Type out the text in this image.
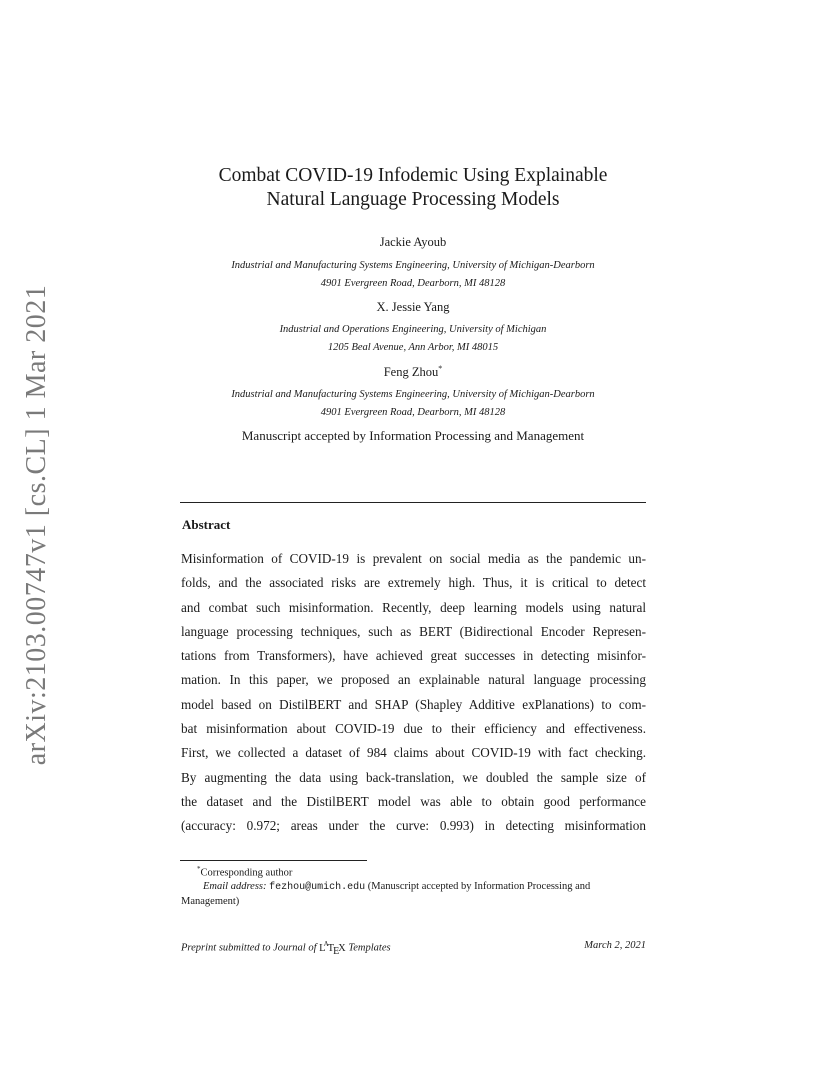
arXiv:2103.00747v1 [cs.CL] 1 Mar 2021
Combat COVID-19 Infodemic Using Explainable
Natural Language Processing Models
Jackie Ayoub
Industrial and Manufacturing Systems Engineering, University of Michigan-Dearborn
4901 Evergreen Road, Dearborn, MI 48128
X. Jessie Yang
Industrial and Operations Engineering, University of Michigan
1205 Beal Avenue, Ann Arbor, MI 48015
Feng Zhou*
Industrial and Manufacturing Systems Engineering, University of Michigan-Dearborn
4901 Evergreen Road, Dearborn, MI 48128
Manuscript accepted by Information Processing and Management
Abstract
Misinformation of COVID-19 is prevalent on social media as the pandemic un-
folds, and the associated risks are extremely high. Thus, it is critical to detect
and combat such misinformation. Recently, deep learning models using natural
language processing techniques, such as BERT (Bidirectional Encoder Represen-
tations from Transformers), have achieved great successes in detecting misinfor-
mation. In this paper, we proposed an explainable natural language processing
model based on DistilBERT and SHAP (Shapley Additive exPlanations) to com-
bat misinformation about COVID-19 due to their efficiency and effectiveness.
First, we collected a dataset of 984 claims about COVID-19 with fact checking.
By augmenting the data using back-translation, we doubled the sample size of
the dataset and the DistilBERT model was able to obtain good performance
(accuracy: 0.972; areas under the curve: 0.993) in detecting misinformation
*Corresponding author
Email address: fezhou@umich.edu (Manuscript accepted by Information Processing and
Management)
Preprint submitted to Journal of $L^AT_EX$ Templates	March 2, 2021
